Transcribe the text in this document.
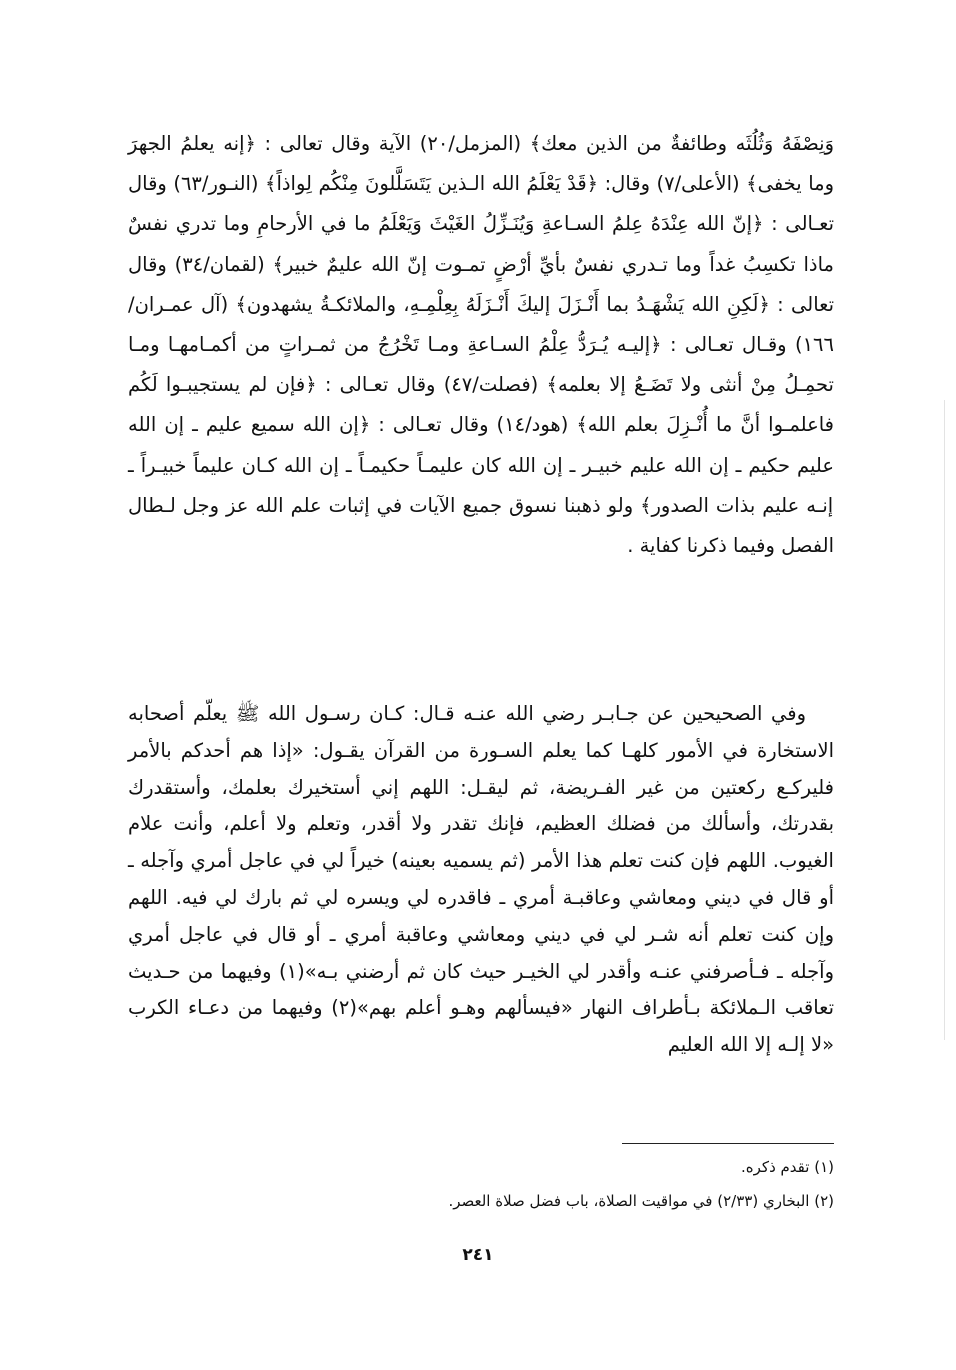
وَنِصْفَهُ وَثُلُثَه وطائفةٌ من الذين معك﴾ (المزمل/٢٠) الآية وقال تعالى : ﴿إنه يعلمُ الجهرَ وما يخفى﴾ (الأعلى/٧) وقال: ﴿قَدْ يَعْلَمُ الله الـذين يَتَسَلَّلونَ مِنْكُم لِواذاً﴾ (النـور/٦٣) وقال تعـالى : ﴿إنّ الله عِنْدَهُ عِلمُ السـاعةِ وَيُنَـزِّلُ الغَيْثَ وَيَعْلَمُ ما في الأرحامِ وما تدري نفسٌ ماذا تكسِبُ غداً وما تـدري نفسٌ بأيِّ أرْضٍ تمـوت إنّ الله عليمٌ خبير﴾ (لقمان/٣٤) وقال تعالى : ﴿لَكِنِ الله يَشْهَـدُ بما أَنْـزَلَ إليكَ أَنْـزَلَهُ بِعِلْمِـهِ، والملائكـةُ يشهدون﴾ (آل عمـران/١٦٦) وقـال تعـالى : ﴿إليـه يُـرَدُّ عِلْمُ السـاعةِ ومـا تَخْرُجُ من ثمـراتٍ من أكمـامهـا ومـا تحمِـلُ مِنْ أنثى ولا تَضَـعُ إلا بعلمه﴾ (فصلت/٤٧) وقال تعـالى : ﴿فإن لم يستجيبـوا لَكُم فاعلمـوا أنَّ ما أُنْـزِلَ بعلم الله﴾ (هود/١٤) وقال تعـالى : ﴿إن الله سميع عليم ـ إن الله عليم حكيم ـ إن الله عليم خبيـر ـ إن الله كان عليمـاً حكيمـاً ـ إن الله كـان عليماً خبيـراً ـ إنـه عليم بذات الصدور﴾ ولو ذهبنا نسوق جميع الآيات في إثبات علم الله عز وجل لـطال الفصل وفيما ذكرنا كفاية .

وفي الصحيحين عن جـابـر رضي الله عنـه قـال: كـان رسـول الله ﷺ يعلّم أصحابه الاستخارة في الأمور كلهـا كما يعلم السـورة من القرآن يقـول: «إذا هم أحدكم بالأمر فليركـع ركعتين من غير الفـريضة، ثم ليقـل: اللهم إني أستخيرك بعلمك، وأستقدرك بقدرتك، وأسألك من فضلك العظيم، فإنك تقدر ولا أقدر، وتعلم ولا أعلم، وأنت علام الغيوب. اللهم فإن كنت تعلم هذا الأمر (ثم يسميه بعينه) خيراً لي في عاجل أمري وآجله ـ أو قال في ديني ومعاشي وعاقبـة أمري ـ فاقدره لي ويسره لي ثم بارك لي فيه. اللهم وإن كنت تعلم أنه شـر لي في ديني ومعاشي وعاقبة أمري ـ أو قال في عاجل أمري وآجله ـ فـأصرفني عنـه وأقدر لي الخيـر حيث كان ثم أرضني بـه»(١) وفيهما من حـديث تعاقب الـملائكة بـأطراف النهار «فيسألهم وهـو أعلم بهم»(٢) وفيهما من دعـاء الكرب «لا إلـه إلا الله العليم

(١) تقدم ذكره.

(٢) البخاري (٢/٣٣) في مواقيت الصلاة، باب فضل صلاة العصر.

٢٤١
